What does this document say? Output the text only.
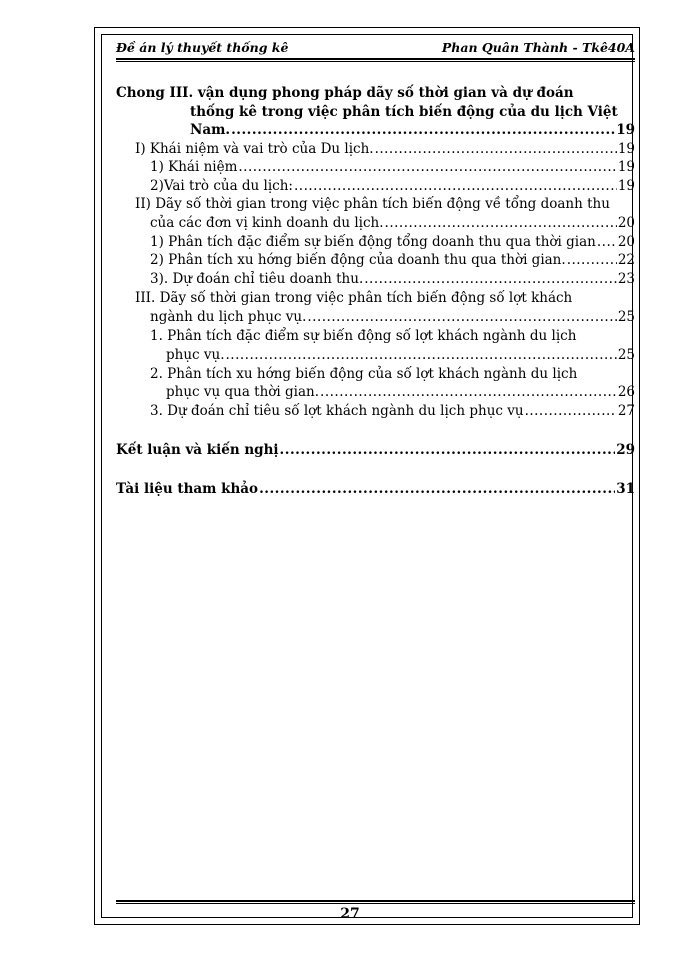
Đề án lý thuyết thống kê	Phan Quân Thành - Tkê40A
Chong III. vận dụng phong pháp dãy số thời gian và dự đoán
thống kê trong việc phân tích biến động của du lịch Việt
Nam. .....	19
I) Khái niệm và vai trò của Du lịch. .....	19
1) Khái niệm .....	19
2)Vai trò của du lịch: .....	19
II) Dãy số thời gian trong việc phân tích biến động về tổng doanh thu
của các đơn vị kinh doanh du lịch. .....	20
1) Phân tích đặc điểm sự biến động tổng doanh thu qua thời gian ..... 20
2) Phân tích xu hớng biến động của doanh thu qua thời gian. .....	22
3). Dự đoán chỉ tiêu doanh thu. .....	23
III. Dãy số thời gian trong việc phân tích biến động số lợt khách
ngành du lịch phục vụ. .....	25
1. Phân tích đặc điểm sự biến động số lợt khách ngành du lịch
phục vụ. .....	25
2. Phân tích xu hớng biến động của số lợt khách ngành du lịch
phục vụ qua thời gian. .....	26
3. Dự đoán chỉ tiêu số lợt khách ngành du lịch phục vụ .....	27
Kết luận và kiến nghị .....	29
Tài liệu tham khảo .....	31
27
